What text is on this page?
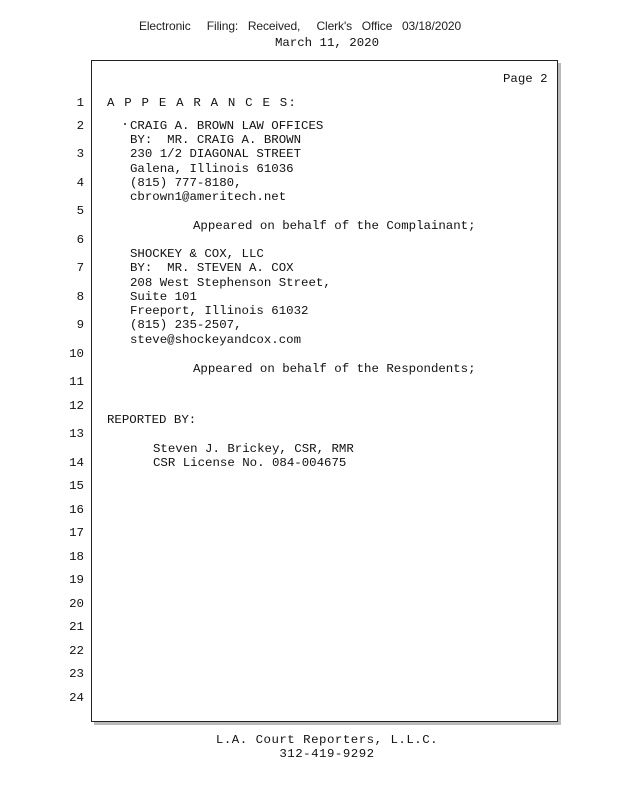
Electronic     Filing:   Received,     Clerk's   Office   03/18/2020
March 11, 2020
Page 2
1
2
3
4
5
6
7
8
9
10
11
12
13
14
15
16
17
18
19
20
21
22
23
24
A P P E A R A N C E S:
CRAIG A. BROWN LAW OFFICES
BY:  MR. CRAIG A. BROWN
230 1/2 DIAGONAL STREET
Galena, Illinois 61036
(815) 777-8180,
cbrown1@ameritech.net
Appeared on behalf of the Complainant;
SHOCKEY & COX, LLC
BY:  MR. STEVEN A. COX
208 West Stephenson Street,
Suite 101
Freeport, Illinois 61032
(815) 235-2507,
steve@shockeyandcox.com
Appeared on behalf of the Respondents;
REPORTED BY:
Steven J. Brickey, CSR, RMR
CSR License No. 084-004675
L.A. Court Reporters, L.L.C.
312-419-9292
